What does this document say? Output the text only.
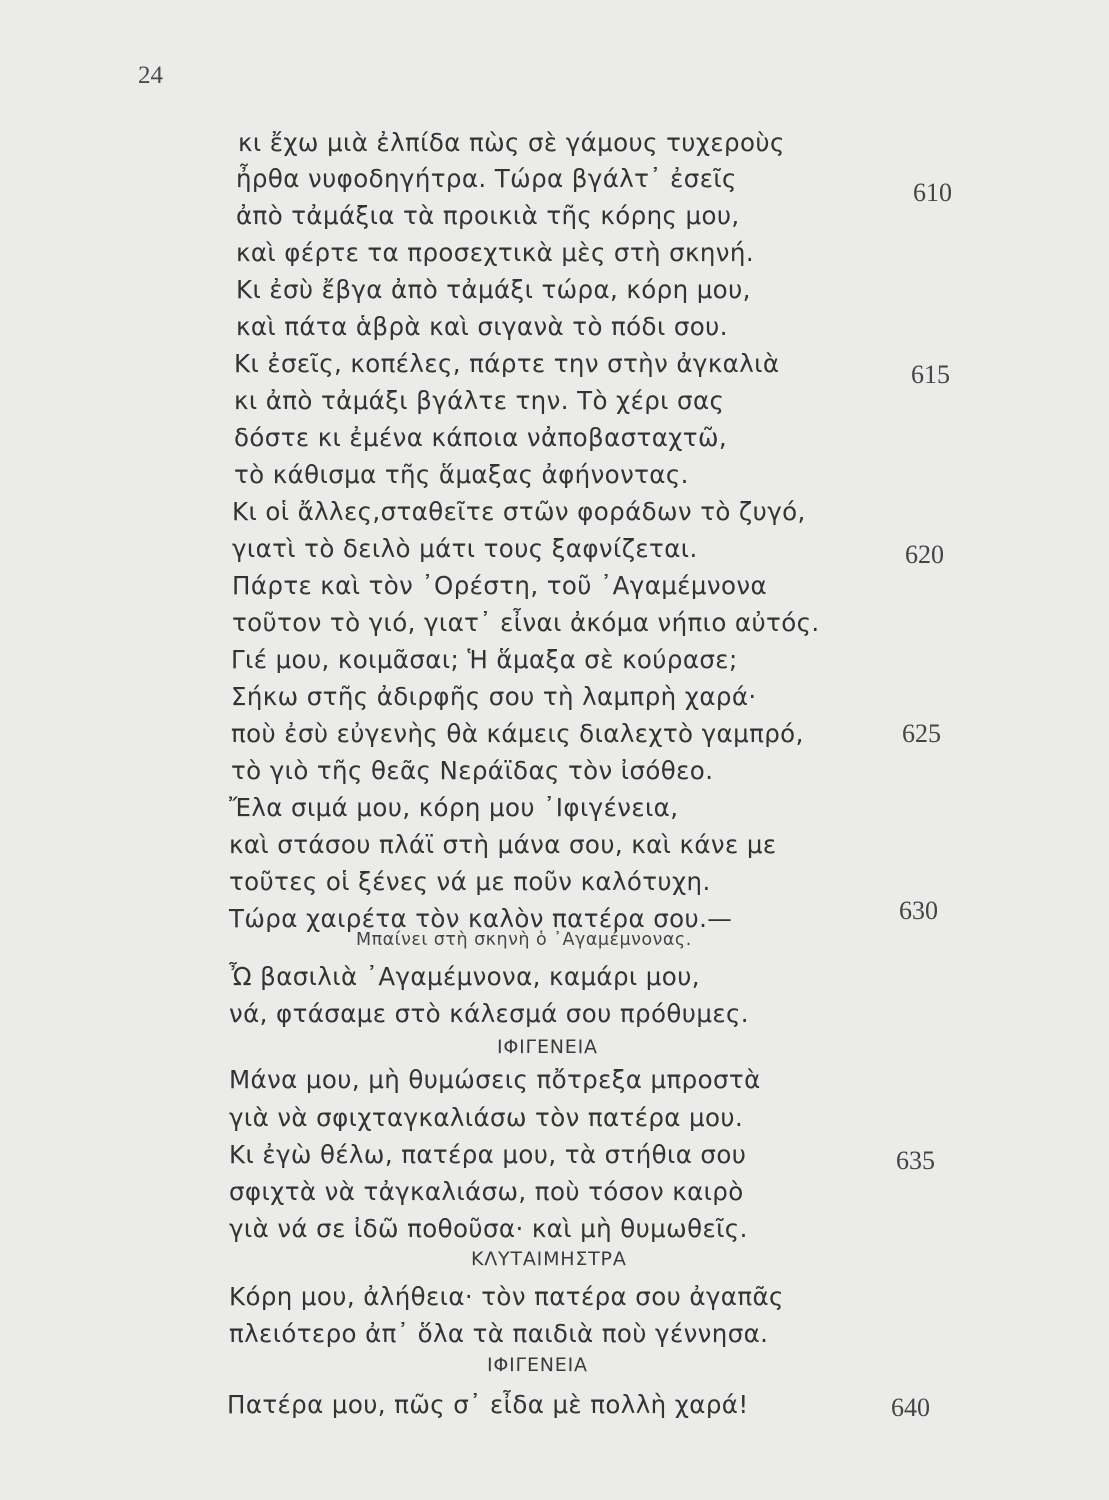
24
κι ἔχω μιὰ ἐλπίδα πὼς σὲ γάμους τυχεροὺς
ἦρθα νυφοδηγήτρα. Τώρα βγάλτ᾿ ἐσεῖς
ἀπὸ τἀμάξια τὰ προικιὰ τῆς κόρης μου,
καὶ φέρτε τα προσεχτικὰ μὲς στὴ σκηνή.
Κι ἐσὺ ἔβγα ἀπὸ τἀμάξι τώρα, κόρη μου,
καὶ πάτα ἁβρὰ καὶ σιγανὰ τὸ πόδι σου.
Κι ἐσεῖς, κοπέλες, πάρτε την στὴν ἀγκαλιὰ
κι ἀπὸ τἀμάξι βγάλτε την. Τὸ χέρι σας
δόστε κι ἐμένα κάποια νἀποβασταχτῶ,
τὸ κάθισμα τῆς ἅμαξας ἀφήνοντας.
Κι οἱ ἄλλες,σταθεῖτε στῶν φοράδων τὸ ζυγό,
γιατὶ τὸ δειλὸ μάτι τους ξαφνίζεται.
Πάρτε καὶ τὸν ᾿Ορέστη, τοῦ ᾿Αγαμέμνονα
τοῦτον τὸ γιό, γιατ᾿ εἶναι ἀκόμα νήπιο αὐτός.
Γιέ μου, κοιμᾶσαι; Ἡ ἅμαξα σὲ κούρασε;
Σήκω στῆς ἀδιρφῆς σου τὴ λαμπρὴ χαρά·
ποὺ ἐσὺ εὐγενὴς θὰ κάμεις διαλεχτὸ γαμπρό,
τὸ γιὸ τῆς θεᾶς Νεράϊδας τὸν ἰσόθεο.
Ἔλα σιμά μου, κόρη μου ᾿Ιφιγένεια,
καὶ στάσου πλάϊ στὴ μάνα σου, καὶ κάνε με
τοῦτες οἱ ξένες νά με ποῦν καλότυχη.
Τώρα χαιρέτα τὸν καλὸν πατέρα σου.—
Μπαίνει στὴ σκηνὴ ὁ ᾿Αγαμέμνονας.
Ὦ βασιλιὰ ᾿Αγαμέμνονα, καμάρι μου,
νά, φτάσαμε στὸ κάλεσμά σου πρόθυμες.
ΙΦΙΓΕΝΕΙΑ
Μάνα μου, μὴ θυμώσεις πὄτρεξα μπροστὰ
γιὰ νὰ σφιχταγκαλιάσω τὸν πατέρα μου.
Κι ἐγὼ θέλω, πατέρα μου, τὰ στήθια σου
σφιχτὰ νὰ τἀγκαλιάσω, ποὺ τόσον καιρὸ
γιὰ νά σε ἰδῶ ποθοῦσα· καὶ μὴ θυμωθεῖς.
ΚΛΥΤΑΙΜΗΣΤΡΑ
Κόρη μου, ἀλήθεια· τὸν πατέρα σου ἀγαπᾶς
πλειότερο ἀπ᾿ ὅλα τὰ παιδιὰ ποὺ γέννησα.
ΙΦΙΓΕΝΕΙΑ
Πατέρα μου, πῶς σ᾿ εἶδα μὲ πολλὴ χαρά!
610
615
620
625
630
635
640
